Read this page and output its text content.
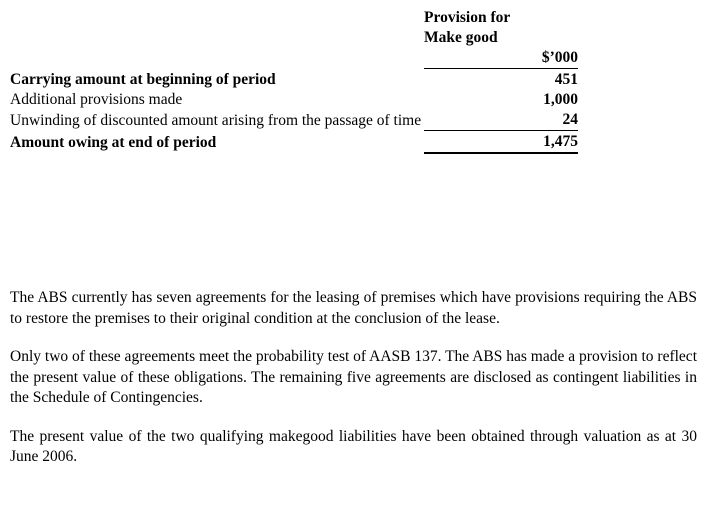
	Provision for
Make good
	$’000

Carrying amount at beginning of period	451
Additional provisions made	1,000
Unwinding of discounted amount arising from the passage of time	24

Amount owing at end of period	1,475

The ABS currently has seven agreements for the leasing of premises which have provisions requiring the ABS to restore the premises to their original condition at the conclusion of the lease.

Only two of these agreements meet the probability test of AASB 137. The ABS has made a provision to reflect the present value of these obligations. The remaining five agreements are disclosed as contingent liabilities in the Schedule of Contingencies.

The present value of the two qualifying makegood liabilities have been obtained through valuation as at 30 June 2006.
